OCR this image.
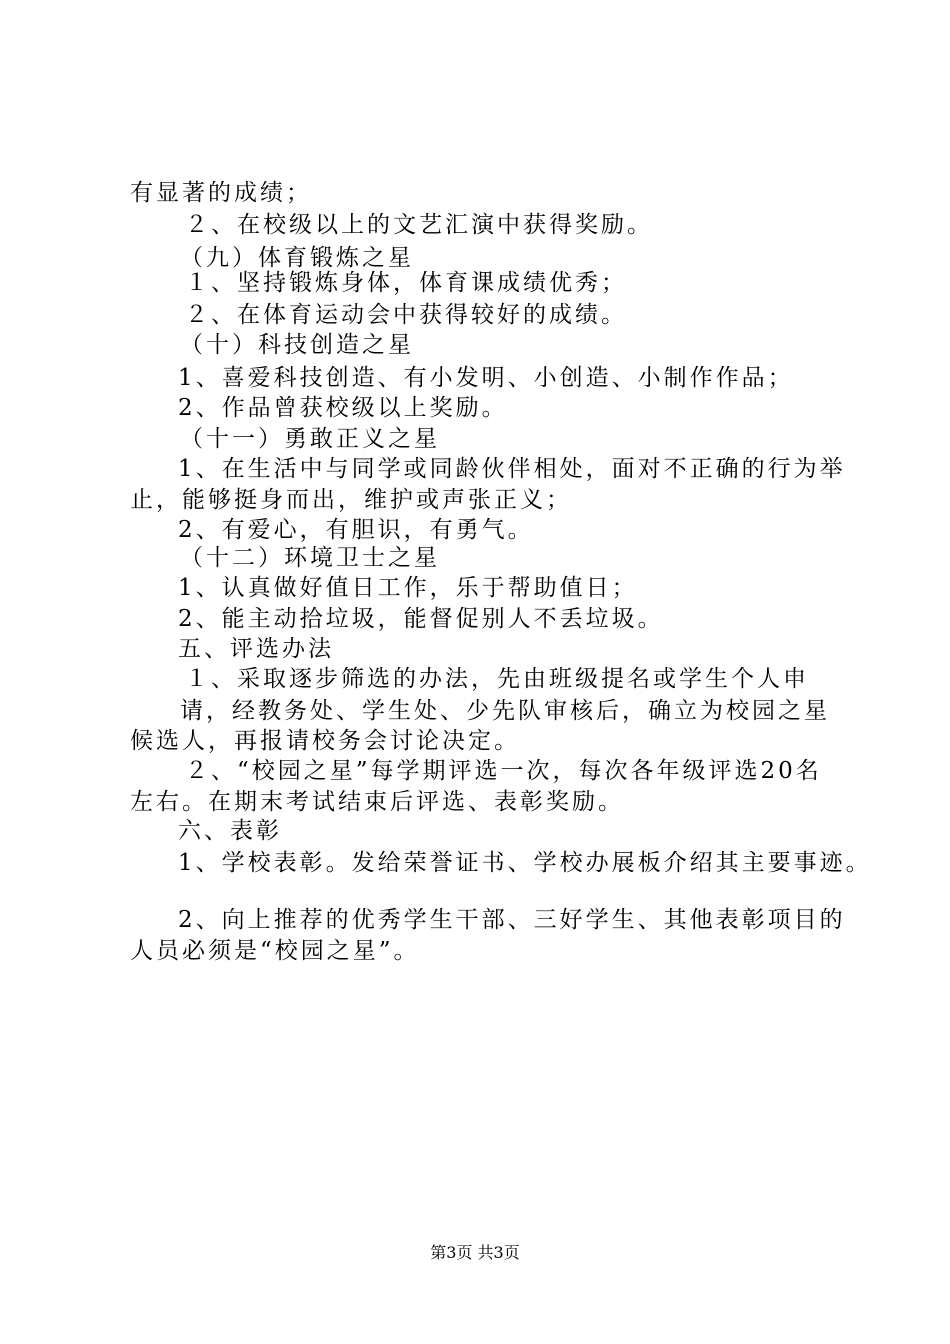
有显著的成绩；
２、在校级以上的文艺汇演中获得奖励。
（九）体育锻炼之星
１、坚持锻炼身体，体育课成绩优秀；
２、在体育运动会中获得较好的成绩。
（十）科技创造之星
1、喜爱科技创造、有小发明、小创造、小制作作品；
2、作品曾获校级以上奖励。
（十一）勇敢正义之星
1、在生活中与同学或同龄伙伴相处，面对不正确的行为举
止，能够挺身而出，维护或声张正义；
2、有爱心，有胆识，有勇气。
（十二）环境卫士之星
1、认真做好值日工作，乐于帮助值日；
2、能主动拾垃圾，能督促别人不丢垃圾。
五、评选办法
１、采取逐步筛选的办法，先由班级提名或学生个人申
请，经教务处、学生处、少先队审核后，确立为校园之星
候选人，再报请校务会讨论决定。
２、“校园之星”每学期评选一次，每次各年级评选20名
左右。在期末考试结束后评选、表彰奖励。
六、表彰
1、学校表彰。发给荣誉证书、学校办展板介绍其主要事迹。
2、向上推荐的优秀学生干部、三好学生、其他表彰项目的
人员必须是“校园之星”。
第3页 共3页
